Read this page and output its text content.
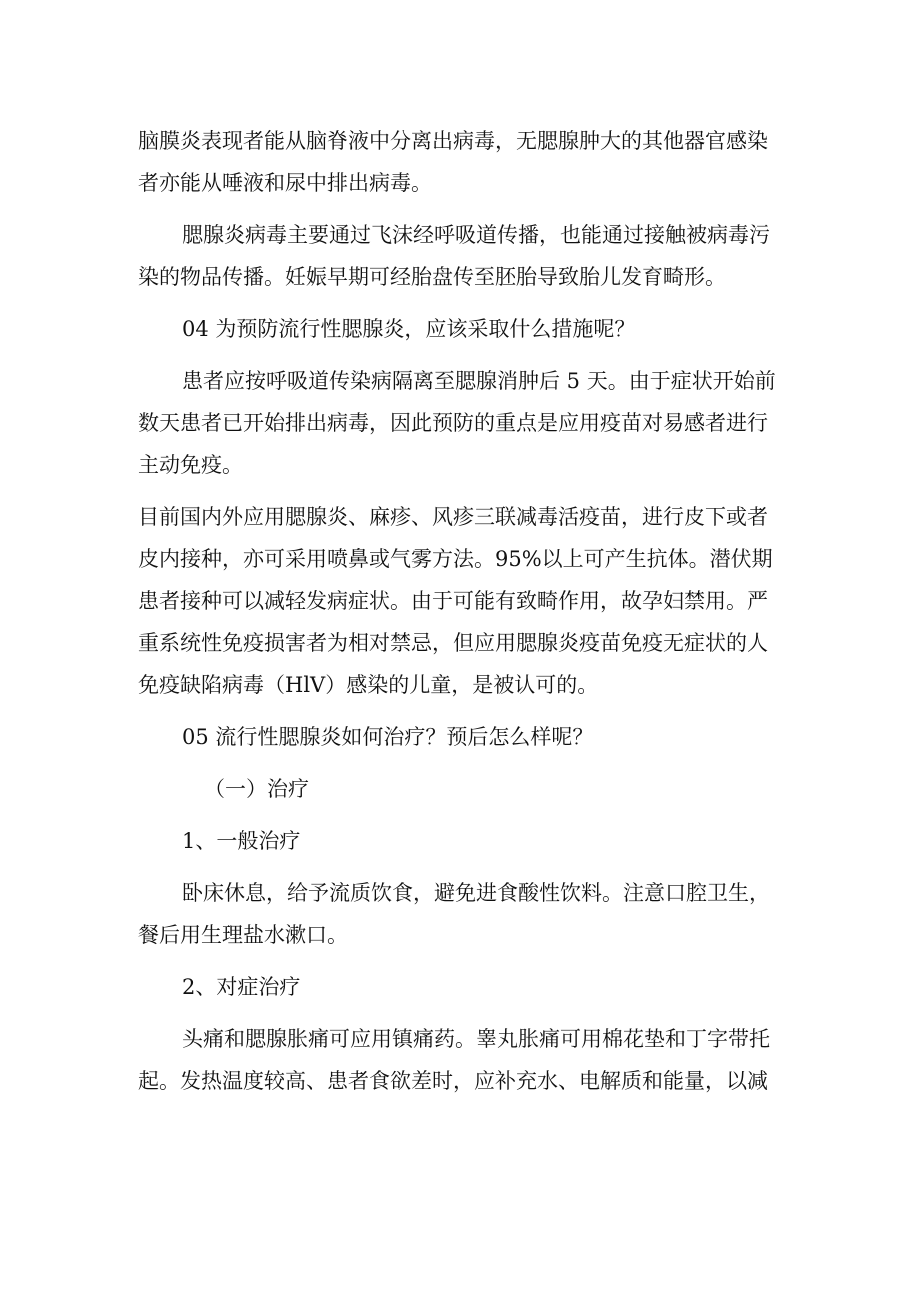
脑膜炎表现者能从脑脊液中分离出病毒，无腮腺肿大的其他器官感染
者亦能从唾液和尿中排出病毒。
腮腺炎病毒主要通过飞沫经呼吸道传播，也能通过接触被病毒污
染的物品传播。妊娠早期可经胎盘传至胚胎导致胎儿发育畸形。
04 为预防流行性腮腺炎，应该采取什么措施呢？
患者应按呼吸道传染病隔离至腮腺消肿后 5 天。由于症状开始前
数天患者已开始排出病毒，因此预防的重点是应用疫苗对易感者进行
主动免疫。
目前国内外应用腮腺炎、麻疹、风疹三联减毒活疫苗，进行皮下或者
皮内接种，亦可采用喷鼻或气雾方法。95%以上可产生抗体。潜伏期
患者接种可以减轻发病症状。由于可能有致畸作用，故孕妇禁用。严
重系统性免疫损害者为相对禁忌，但应用腮腺炎疫苗免疫无症状的人
免疫缺陷病毒（HlV）感染的儿童，是被认可的。
05 流行性腮腺炎如何治疗？预后怎么样呢？
（一）治疗
1、一般治疗
卧床休息，给予流质饮食，避免进食酸性饮料。注意口腔卫生，
餐后用生理盐水漱口。
2、对症治疗
头痛和腮腺胀痛可应用镇痛药。睾丸胀痛可用棉花垫和丁字带托
起。发热温度较高、患者食欲差时，应补充水、电解质和能量，以减
